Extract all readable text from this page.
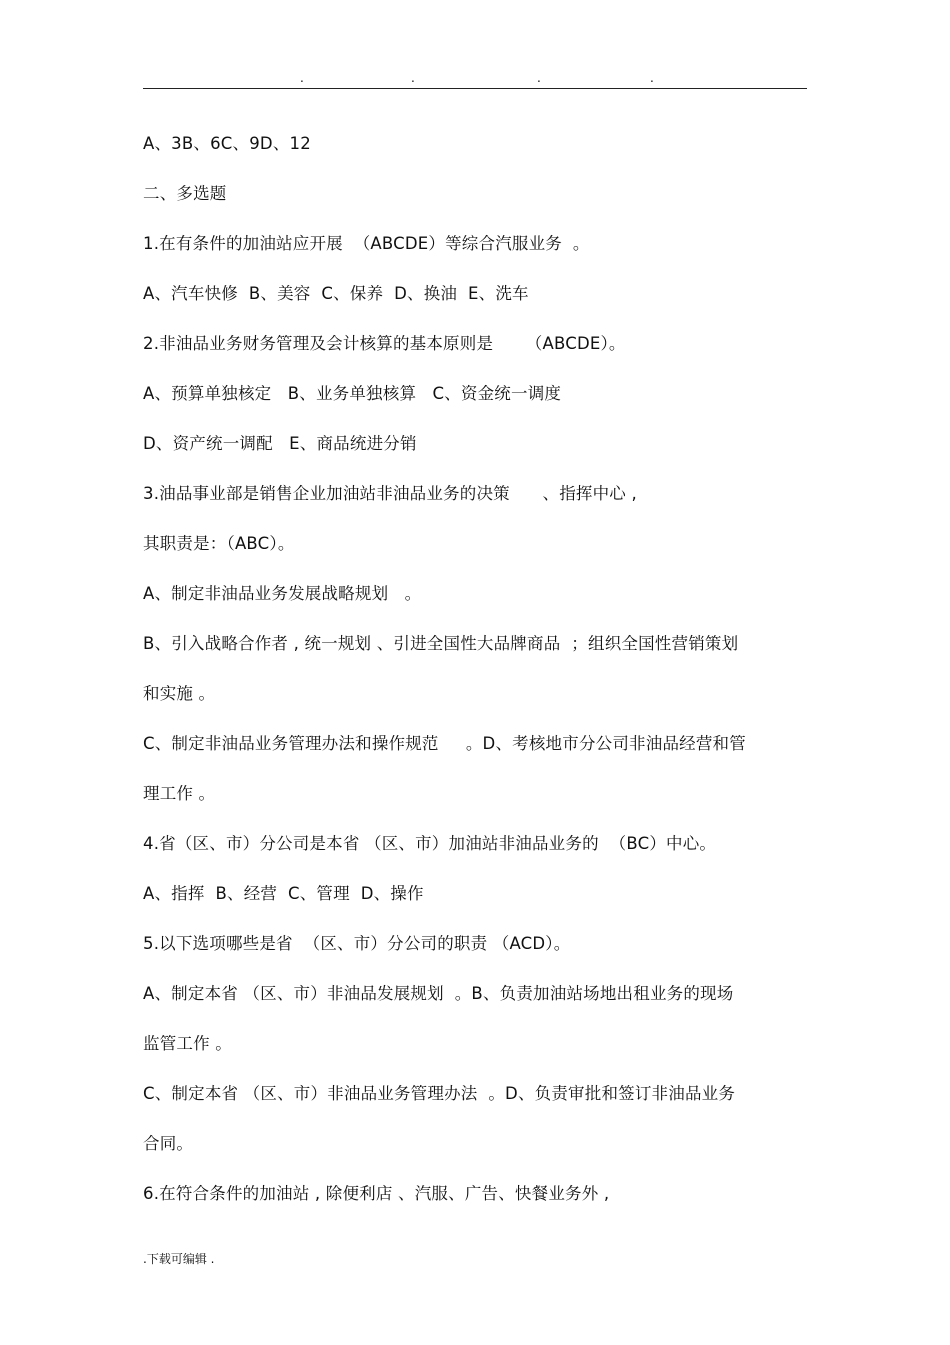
.	.	.	.
A、3B、6C、9D、12
二、多选题
1.在有条件的加油站应开展  （ABCDE）等综合汽服业务  。
A、汽车快修  B、美容  C、保养  D、换油  E、洗车
2.非油品业务财务管理及会计核算的基本原则是      （ABCDE）。
A、预算单独核定   B、业务单独核算   C、资金统一调度
D、资产统一调配   E、商品统进分销
3.油品事业部是销售企业加油站非油品业务的决策      、指挥中心 ,
其职责是：（ABC）。
A、制定非油品业务发展战略规划   。
B、引入战略合作者 , 统一规划 、引进全国性大品牌商品  ；组织全国性营销策划
和实施 。
C、制定非油品业务管理办法和操作规范     。D、考核地市分公司非油品经营和管
理工作 。
4.省（区、市）分公司是本省 （区、市）加油站非油品业务的  （BC）中心。
A、指挥  B、经营  C、管理  D、操作
5.以下选项哪些是省  （区、市）分公司的职责 （ACD）。
A、制定本省 （区、市）非油品发展规划  。B、负责加油站场地出租业务的现场
监管工作 。
C、制定本省 （区、市）非油品业务管理办法  。D、负责审批和签订非油品业务
合同。
6.在符合条件的加油站 , 除便利店 、汽服、广告、快餐业务外 ,
.下载可编辑 .
